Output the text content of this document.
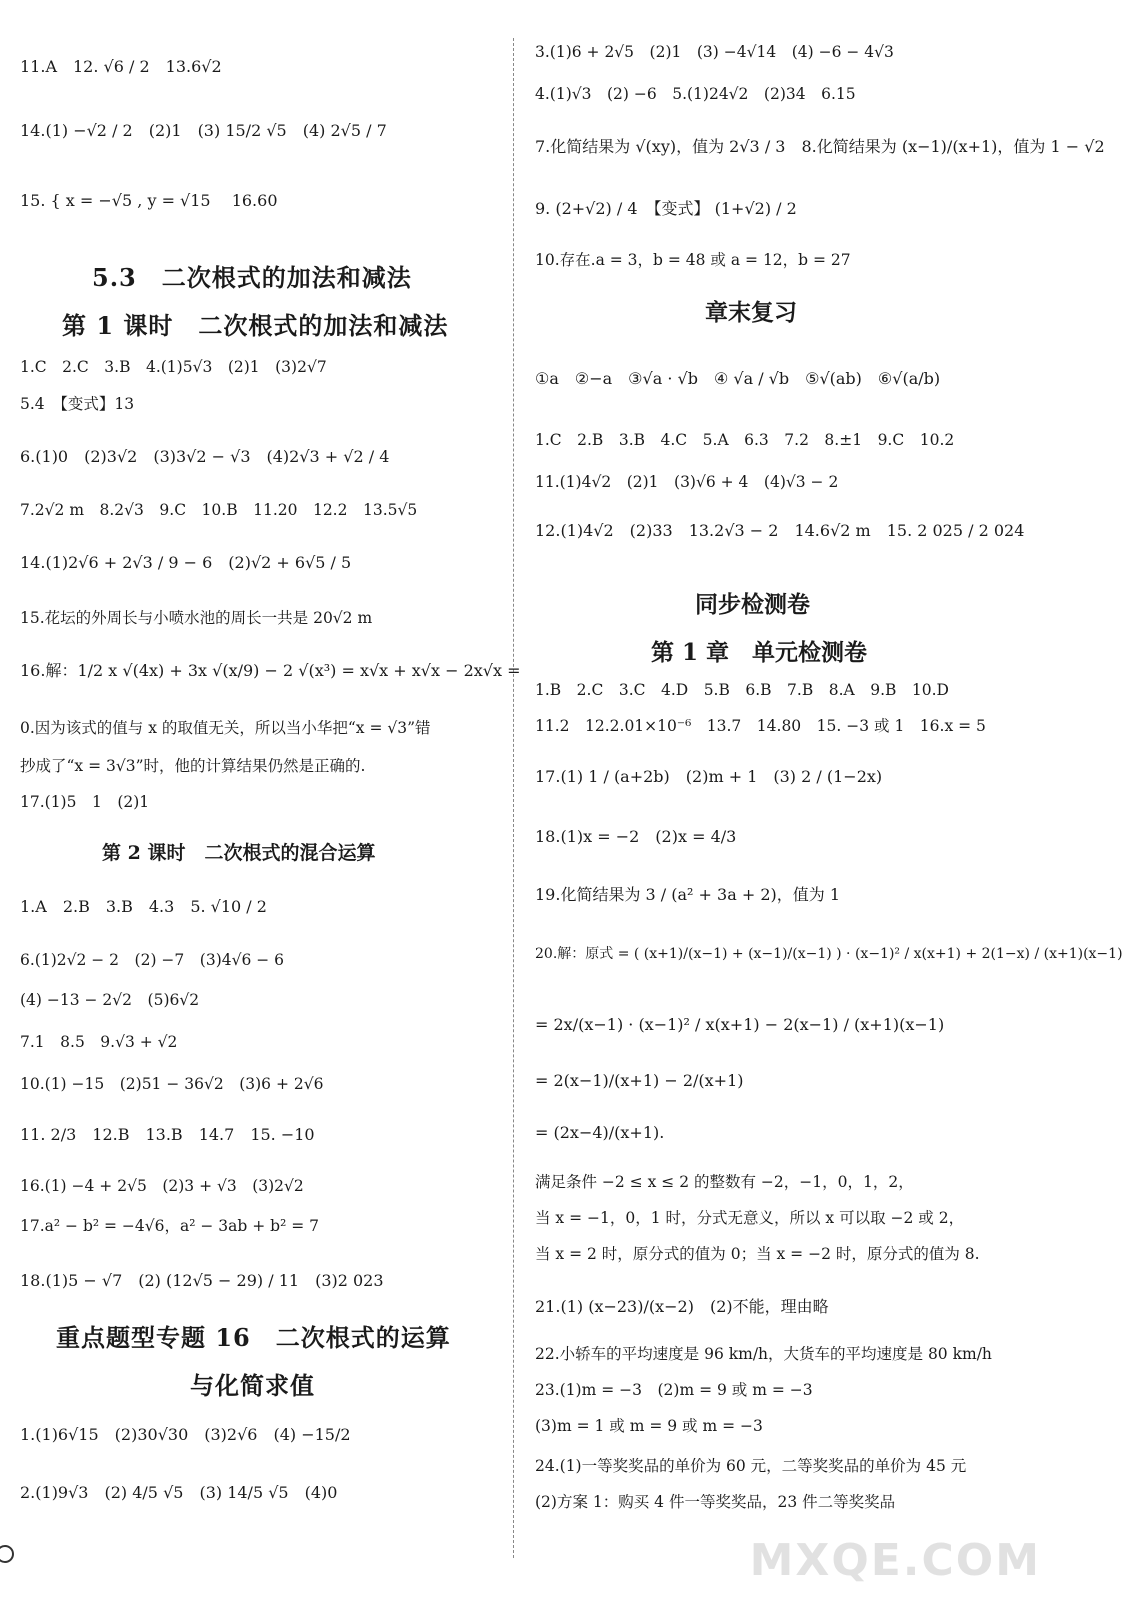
11.A　12. √6 / 2　13.6√2
14.(1) −√2 / 2　(2)1　(3) 15/2 √5　(4) 2√5 / 7
15. { x = −√5 , y = √15 　16.60
5.3　二次根式的加法和减法
第 1 课时　二次根式的加法和减法
1.C　2.C　3.B　4.(1)5√3　(2)1　(3)2√7
5.4　【变式】13
6.(1)0　(2)3√2　(3)3√2 − √3　(4)2√3 + √2 / 4
7.2√2 m　8.2√3　9.C　10.B　11.20　12.2　13.5√5
14.(1)2√6 + 2√3 / 9 − 6　(2)√2 + 6√5 / 5
15.花坛的外周长与小喷水池的周长一共是 20√2 m
16.解：1/2 x √(4x) + 3x √(x/9) − 2 √(x³) = x√x + x√x − 2x√x =
0.因为该式的值与 x 的取值无关，所以当小华把“x = √3”错
抄成了“x = 3√3”时，他的计算结果仍然是正确的.
17.(1)5　1　(2)1
第 2 课时　二次根式的混合运算
1.A　2.B　3.B　4.3　5. √10 / 2
6.(1)2√2 − 2　(2) −7　(3)4√6 − 6
(4) −13 − 2√2　(5)6√2
7.1　8.5　9.√3 + √2
10.(1) −15　(2)51 − 36√2　(3)6 + 2√6
11. 2/3　12.B　13.B　14.7　15. −10
16.(1) −4 + 2√5　(2)3 + √3　(3)2√2
17.a² − b² = −4√6，a² − 3ab + b² = 7
18.(1)5 − √7　(2) (12√5 − 29) / 11　(3)2 023
重点题型专题 16　二次根式的运算
与化简求值
1.(1)6√15　(2)30√30　(3)2√6　(4) −15/2
2.(1)9√3　(2) 4/5 √5　(3) 14/5 √5　(4)0
3.(1)6 + 2√5　(2)1　(3) −4√14　(4) −6 − 4√3
4.(1)√3　(2) −6　5.(1)24√2　(2)34　6.15
7.化简结果为 √(xy)，值为 2√3 / 3　8.化简结果为 (x−1)/(x+1)，值为 1 − √2
9. (2+√2) / 4　【变式】 (1+√2) / 2
10.存在.a = 3，b = 48 或 a = 12，b = 27
章末复习
①a　②−a　③√a · √b　④ √a / √b　⑤√(ab)　⑥√(a/b)
1.C　2.B　3.B　4.C　5.A　6.3　7.2　8.±1　9.C　10.2
11.(1)4√2　(2)1　(3)√6 + 4　(4)√3 − 2
12.(1)4√2　(2)33　13.2√3 − 2　14.6√2 m　15. 2 025 / 2 024
同步检测卷
第 1 章　单元检测卷
1.B　2.C　3.C　4.D　5.B　6.B　7.B　8.A　9.B　10.D
11.2　12.2.01×10⁻⁶　13.7　14.80　15. −3 或 1　16.x = 5
17.(1) 1 / (a+2b)　(2)m + 1　(3) 2 / (1−2x)
18.(1)x = −2　(2)x = 4/3
19.化简结果为 3 / (a² + 3a + 2)，值为 1
20.解：原式 = ( (x+1)/(x−1) + (x−1)/(x−1) ) · (x−1)² / x(x+1) + 2(1−x) / (x+1)(x−1)
= 2x/(x−1) · (x−1)² / x(x+1) − 2(x−1) / (x+1)(x−1)
= 2(x−1)/(x+1) − 2/(x+1)
= (2x−4)/(x+1).
满足条件 −2 ≤ x ≤ 2 的整数有 −2，−1，0，1，2，
当 x = −1，0，1 时，分式无意义，所以 x 可以取 −2 或 2，
当 x = 2 时，原分式的值为 0；当 x = −2 时，原分式的值为 8.
21.(1) (x−23)/(x−2)　(2)不能，理由略
22.小轿车的平均速度是 96 km/h，大货车的平均速度是 80 km/h
23.(1)m = −3　(2)m = 9 或 m = −3
(3)m = 1 或 m = 9 或 m = −3
24.(1)一等奖奖品的单价为 60 元，二等奖奖品的单价为 45 元
(2)方案 1：购买 4 件一等奖奖品，23 件二等奖奖品
MXQE.COM
